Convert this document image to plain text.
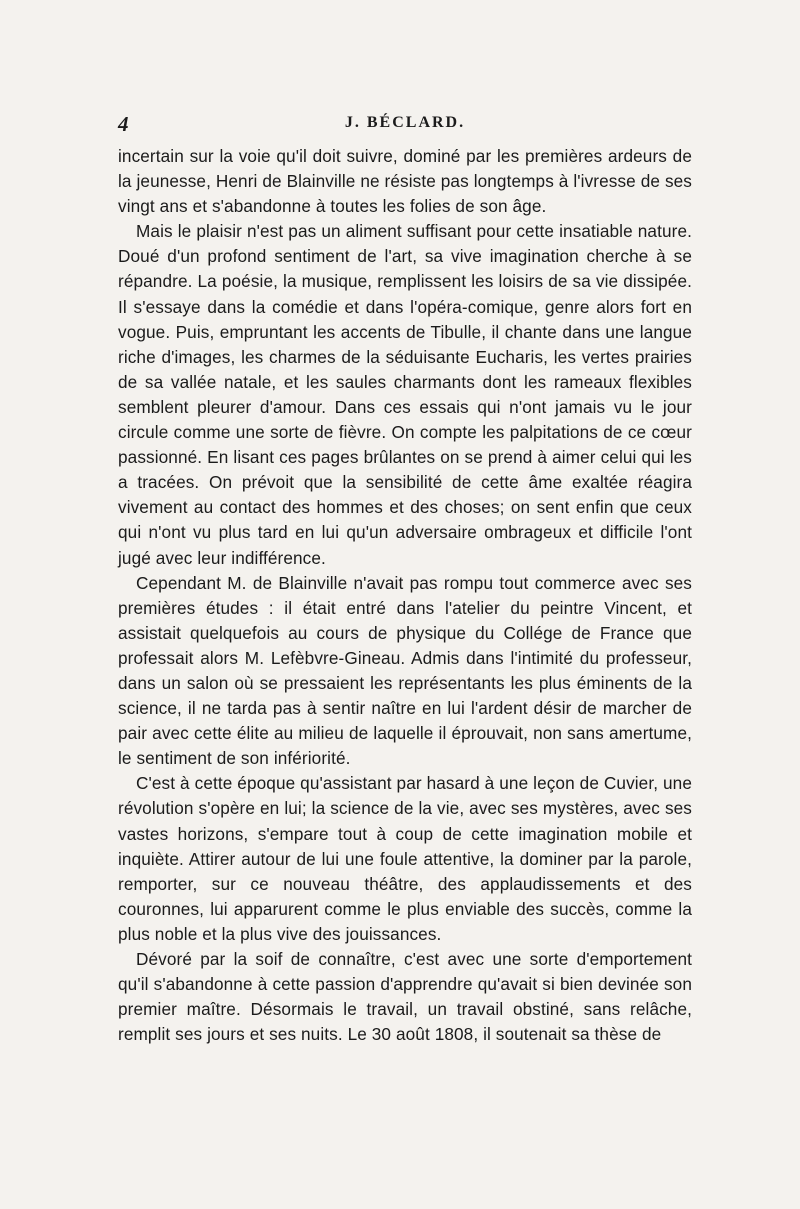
4	J. BÉCLARD.

incertain sur la voie qu'il doit suivre, dominé par les premières ardeurs de la jeunesse, Henri de Blainville ne résiste pas longtemps à l'ivresse de ses vingt ans et s'abandonne à toutes les folies de son âge.

Mais le plaisir n'est pas un aliment suffisant pour cette insatiable nature. Doué d'un profond sentiment de l'art, sa vive imagination cherche à se répandre. La poésie, la musique, remplissent les loisirs de sa vie dissipée. Il s'essaye dans la comédie et dans l'opéra-comique, genre alors fort en vogue. Puis, empruntant les accents de Tibulle, il chante dans une langue riche d'images, les charmes de la séduisante Eucharis, les vertes prairies de sa vallée natale, et les saules charmants dont les rameaux flexibles semblent pleurer d'amour. Dans ces essais qui n'ont jamais vu le jour circule comme une sorte de fièvre. On compte les palpitations de ce cœur passionné. En lisant ces pages brûlantes on se prend à aimer celui qui les a tracées. On prévoit que la sensibilité de cette âme exaltée réagira vivement au contact des hommes et des choses; on sent enfin que ceux qui n'ont vu plus tard en lui qu'un adversaire ombrageux et difficile l'ont jugé avec leur indifférence.

Cependant M. de Blainville n'avait pas rompu tout commerce avec ses premières études : il était entré dans l'atelier du peintre Vincent, et assistait quelquefois au cours de physique du Collége de France que professait alors M. Lefèbvre-Gineau. Admis dans l'intimité du professeur, dans un salon où se pressaient les représentants les plus éminents de la science, il ne tarda pas à sentir naître en lui l'ardent désir de marcher de pair avec cette élite au milieu de laquelle il éprouvait, non sans amertume, le sentiment de son infériorité.

C'est à cette époque qu'assistant par hasard à une leçon de Cuvier, une révolution s'opère en lui; la science de la vie, avec ses mystères, avec ses vastes horizons, s'empare tout à coup de cette imagination mobile et inquiète. Attirer autour de lui une foule attentive, la dominer par la parole, remporter, sur ce nouveau théâtre, des applaudissements et des couronnes, lui apparurent comme le plus enviable des succès, comme la plus noble et la plus vive des jouissances.

Dévoré par la soif de connaître, c'est avec une sorte d'emportement qu'il s'abandonne à cette passion d'apprendre qu'avait si bien devinée son premier maître. Désormais le travail, un travail obstiné, sans relâche, remplit ses jours et ses nuits. Le 30 août 1808, il soutenait sa thèse de
